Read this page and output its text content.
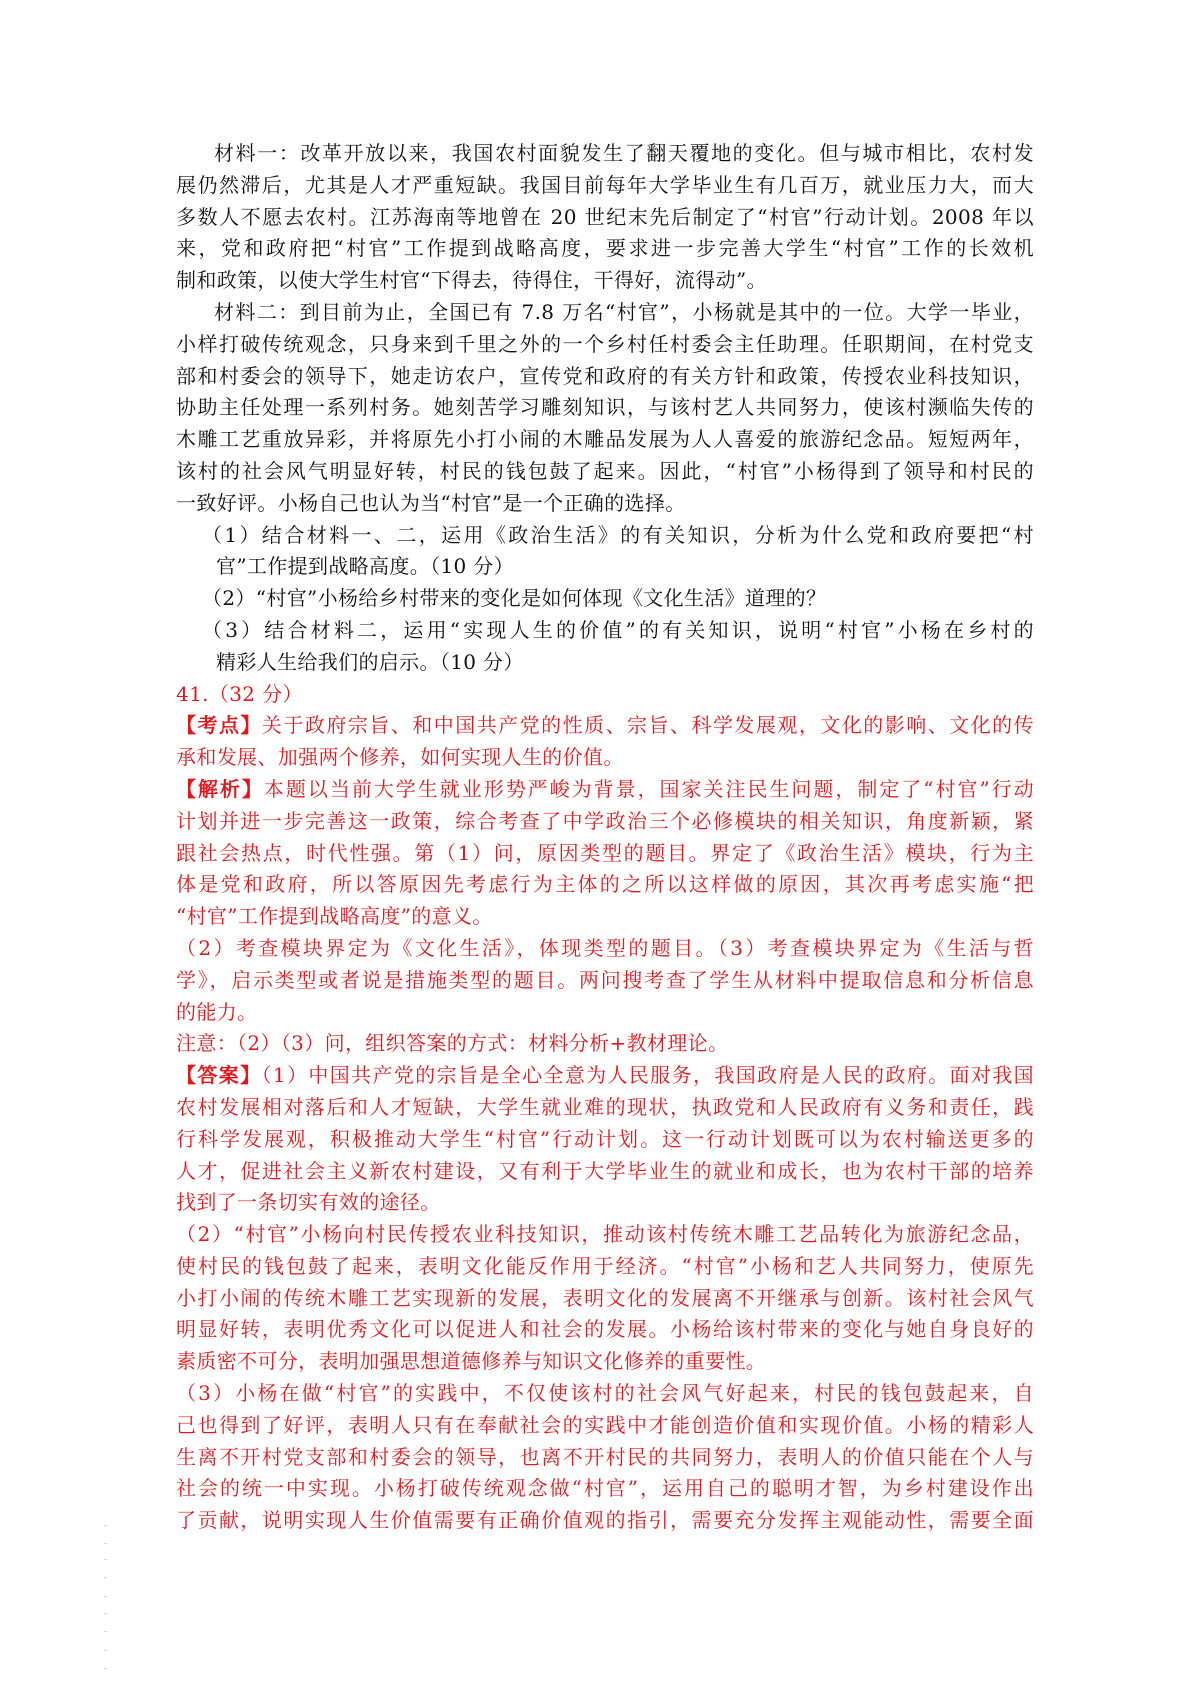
材料一：改革开放以来，我国农村面貌发生了翻天覆地的变化。但与城市相比，农村发
展仍然滞后，尤其是人才严重短缺。我国目前每年大学毕业生有几百万，就业压力大，而大
多数人不愿去农村。江苏海南等地曾在 20 世纪末先后制定了“村官”行动计划。2008 年以
来，党和政府把“村官”工作提到战略高度，要求进一步完善大学生“村官”工作的长效机
制和政策，以使大学生村官“下得去，待得住，干得好，流得动”。
材料二：到目前为止，全国已有 7.8 万名“村官”，小杨就是其中的一位。大学一毕业，
小样打破传统观念，只身来到千里之外的一个乡村任村委会主任助理。任职期间，在村党支
部和村委会的领导下，她走访农户，宣传党和政府的有关方针和政策，传授农业科技知识，
协助主任处理一系列村务。她刻苦学习雕刻知识，与该村艺人共同努力，使该村濒临失传的
木雕工艺重放异彩，并将原先小打小闹的木雕品发展为人人喜爱的旅游纪念品。短短两年，
该村的社会风气明显好转，村民的钱包鼓了起来。因此，“村官”小杨得到了领导和村民的
一致好评。小杨自己也认为当“村官”是一个正确的选择。
（1）结合材料一、二，运用《政治生活》的有关知识，分析为什么党和政府要把“村
官”工作提到战略高度。（10 分）
（2）“村官”小杨给乡村带来的变化是如何体现《文化生活》道理的？
（3）结合材料二，运用“实现人生的价值”的有关知识，说明“村官”小杨在乡村的
精彩人生给我们的启示。（10 分）
41.（32 分）
【考点】关于政府宗旨、和中国共产党的性质、宗旨、科学发展观，文化的影响、文化的传
承和发展、加强两个修养，如何实现人生的价值。
【解析】本题以当前大学生就业形势严峻为背景，国家关注民生问题，制定了“村官”行动
计划并进一步完善这一政策，综合考查了中学政治三个必修模块的相关知识，角度新颖，紧
跟社会热点，时代性强。第（1）问，原因类型的题目。界定了《政治生活》模块，行为主
体是党和政府，所以答原因先考虑行为主体的之所以这样做的原因，其次再考虑实施“把
“村官”工作提到战略高度”的意义。
（2）考查模块界定为《文化生活》，体现类型的题目。（3）考查模块界定为《生活与哲
学》，启示类型或者说是措施类型的题目。两问搜考查了学生从材料中提取信息和分析信息
的能力。
注意：（2）（3）问，组织答案的方式：材料分析+教材理论。
【答案】（1）中国共产党的宗旨是全心全意为人民服务，我国政府是人民的政府。面对我国
农村发展相对落后和人才短缺，大学生就业难的现状，执政党和人民政府有义务和责任，践
行科学发展观，积极推动大学生“村官”行动计划。这一行动计划既可以为农村输送更多的
人才，促进社会主义新农村建设，又有利于大学毕业生的就业和成长，也为农村干部的培养
找到了一条切实有效的途径。
（2）“村官”小杨向村民传授农业科技知识，推动该村传统木雕工艺品转化为旅游纪念品，
使村民的钱包鼓了起来，表明文化能反作用于经济。“村官”小杨和艺人共同努力，使原先
小打小闹的传统木雕工艺实现新的发展，表明文化的发展离不开继承与创新。该村社会风气
明显好转，表明优秀文化可以促进人和社会的发展。小杨给该村带来的变化与她自身良好的
素质密不可分，表明加强思想道德修养与知识文化修养的重要性。
（3）小杨在做“村官”的实践中，不仅使该村的社会风气好起来，村民的钱包鼓起来，自
己也得到了好评，表明人只有在奉献社会的实践中才能创造价值和实现价值。小杨的精彩人
生离不开村党支部和村委会的领导，也离不开村民的共同努力，表明人的价值只能在个人与
社会的统一中实现。小杨打破传统观念做“村官”，运用自己的聪明才智，为乡村建设作出
了贡献，说明实现人生价值需要有正确价值观的指引，需要充分发挥主观能动性，需要全面
